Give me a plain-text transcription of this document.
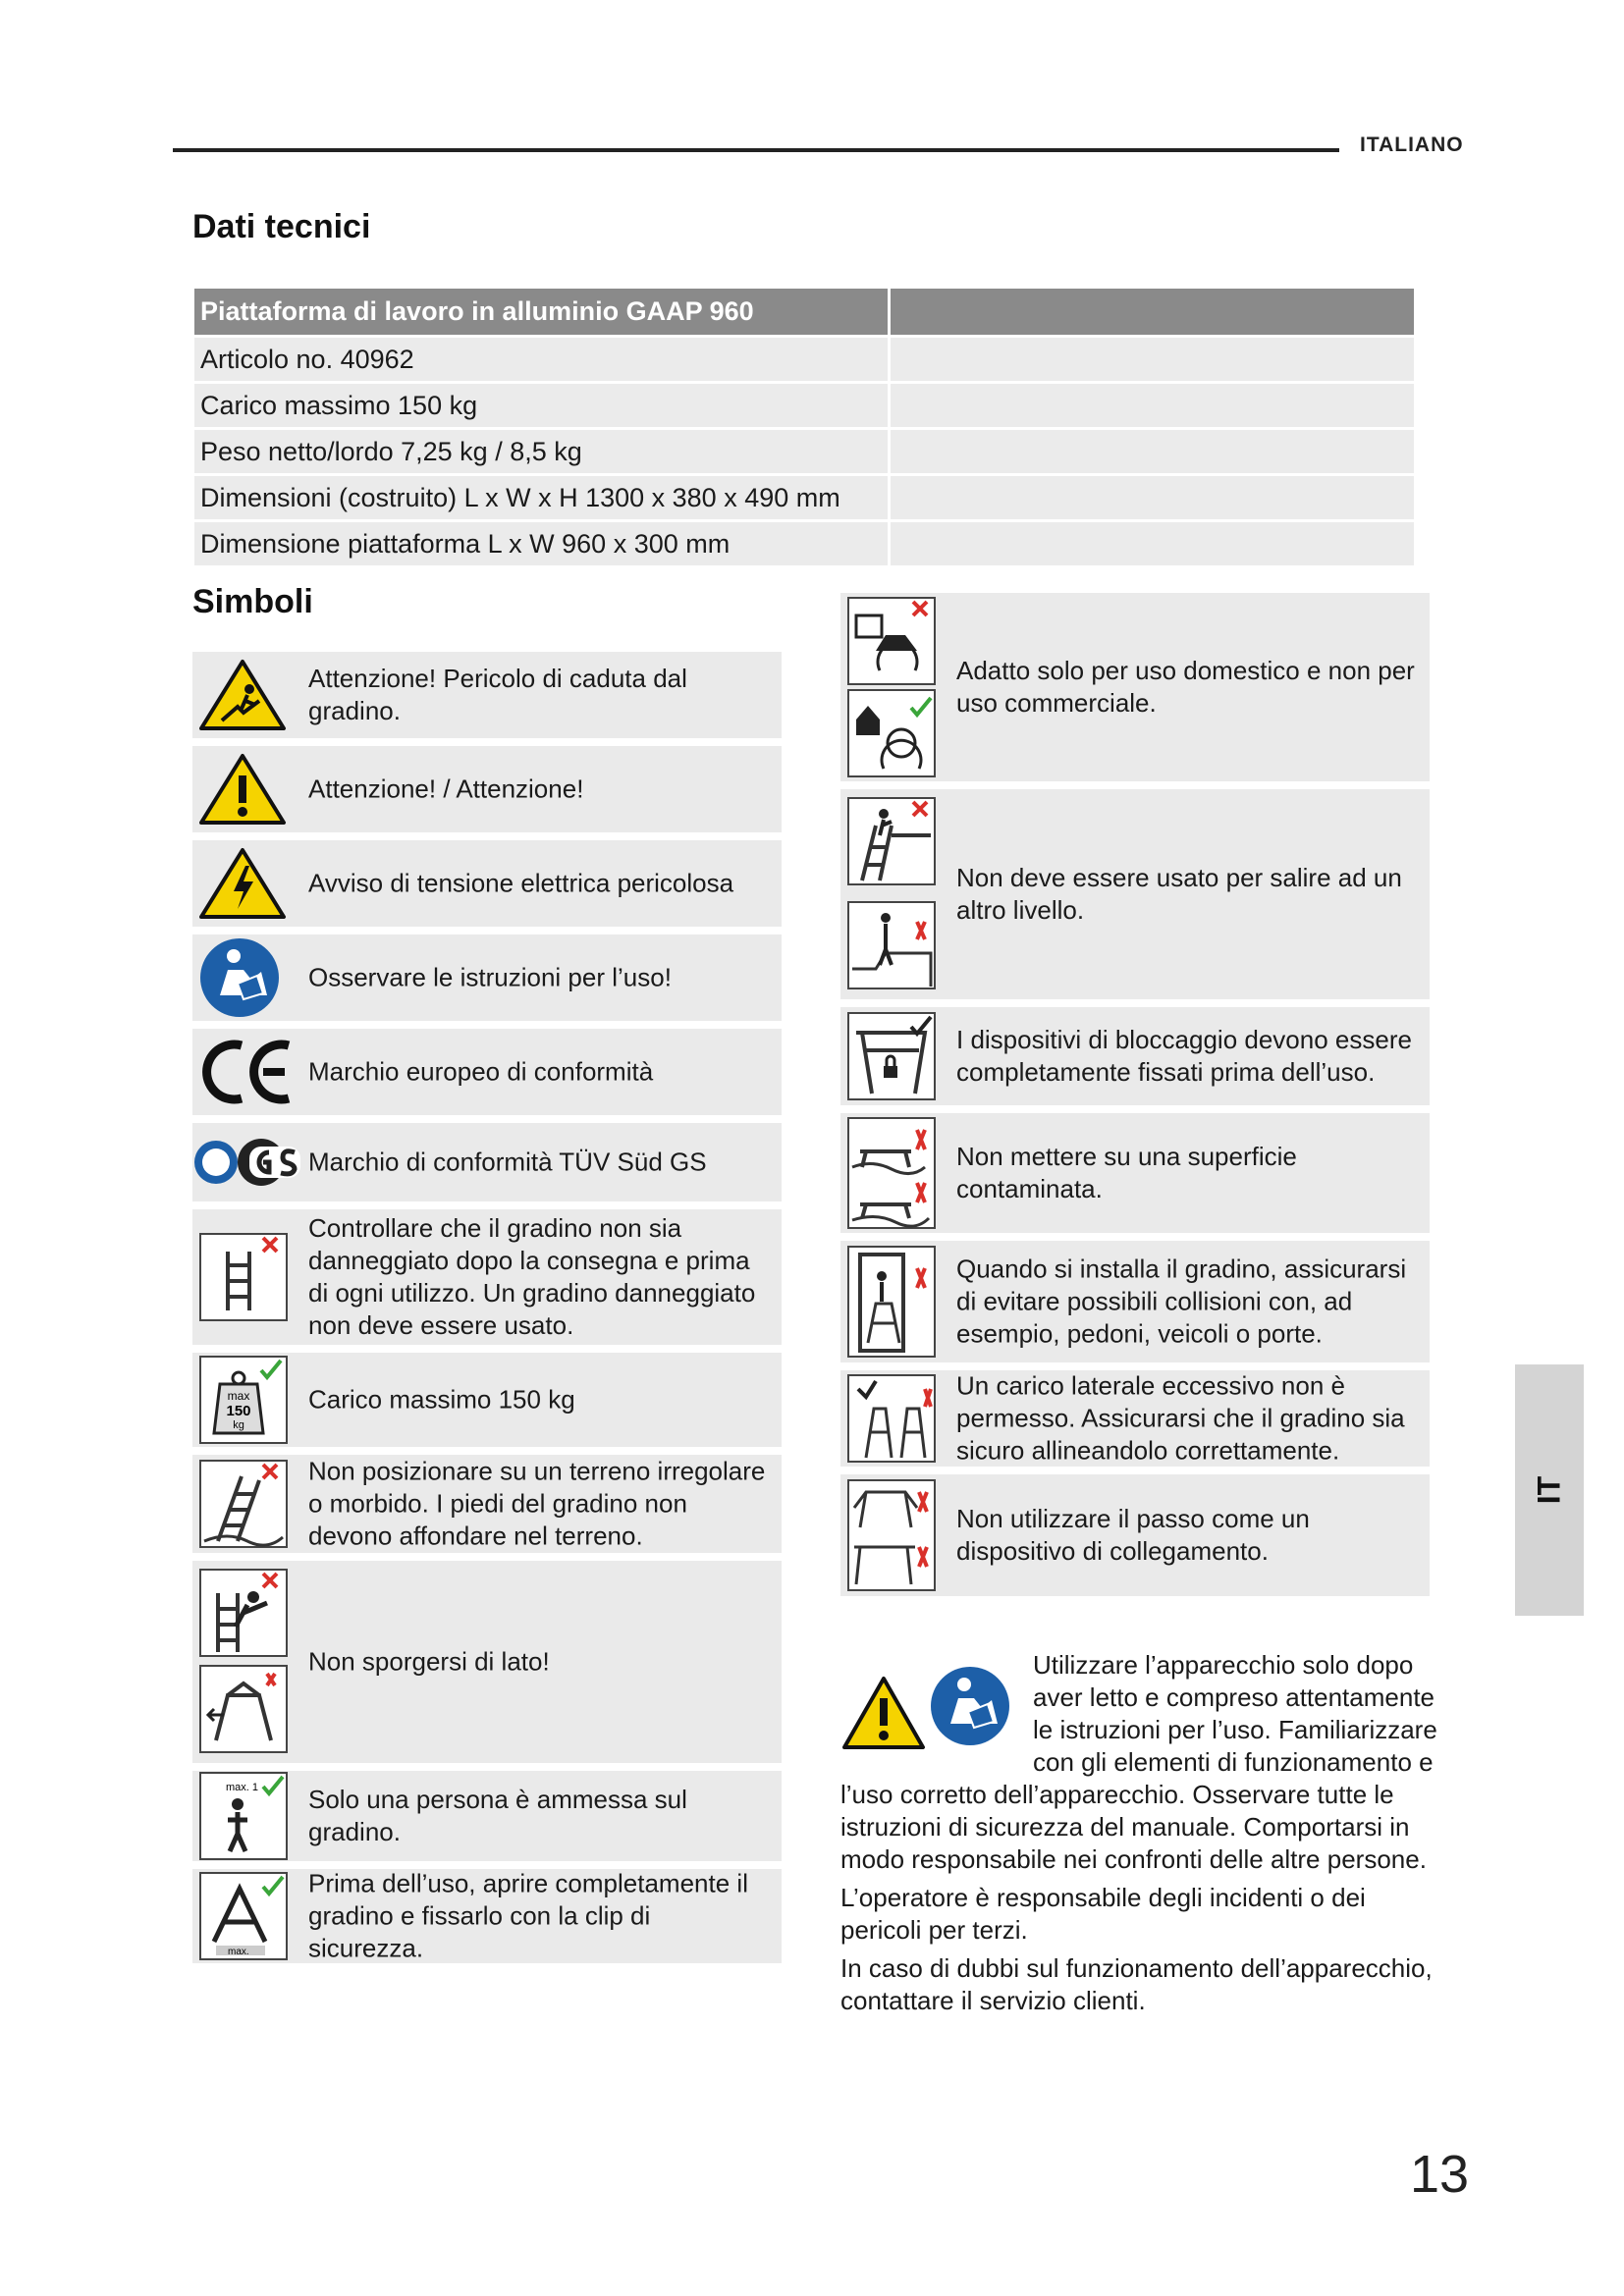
ITALIANO
Dati tecnici
Piattaforma di lavoro in alluminio GAAP 960	
Articolo no. 40962	
Carico massimo 150 kg	
Peso netto/lordo 7,25 kg / 8,5 kg	
Dimensioni (costruito) L x W x H 1300 x 380 x 490 mm	
Dimensione piattaforma L x W 960 x 300 mm	
Simboli
Attenzione! Pericolo di caduta dal gradino.
Attenzione! / Attenzione!
Avviso di tensione elettrica pericolosa
Osservare le istruzioni per l’uso!
Marchio europeo di conformità
Marchio di conformità TÜV Süd GS
Controllare che il gradino non sia danneggiato dopo la consegna e prima di ogni utilizzo. Un gradino danneggiato non deve essere usato.
max
150
kg
Carico massimo 150 kg
Non posizionare su un terreno irregolare o morbido. I piedi del gradino non devono affondare nel terreno.
Non sporgersi di lato!
max. 1 Solo una persona è ammessa sul gradino.
max.
Prima dell’uso, aprire completamente il gradino e fissarlo con la clip di sicurezza.
Adatto solo per uso domestico e non per uso commerciale.
Non deve essere usato per salire ad un altro livello.
I dispositivi di bloccaggio devono essere completamente fissati prima dell’uso.
Non mettere su una superficie contaminata.
Quando si installa il gradino, assicurarsi di evitare possibili collisioni con, ad esempio, pedoni, veicoli o porte.
Un carico laterale eccessivo non è permesso. Assicurarsi che il gradino sia sicuro allineandolo correttamente.
Non utilizzare il passo come un dispositivo di collegamento.

Utilizzare l’apparecchio solo dopo aver letto e compreso attentamente le istruzioni per l’uso. Familiarizzare con gli elementi di funzionamento e l’uso corretto dell’apparecchio. Osservare tutte le istruzioni di sicurezza del manuale. Comportarsi in modo responsabile nei confronti delle altre persone.

L’operatore è responsabile degli incidenti o dei pericoli per terzi.

In caso di dubbi sul funzionamento dell’apparecchio, contattare il servizio clienti.

IT
13
